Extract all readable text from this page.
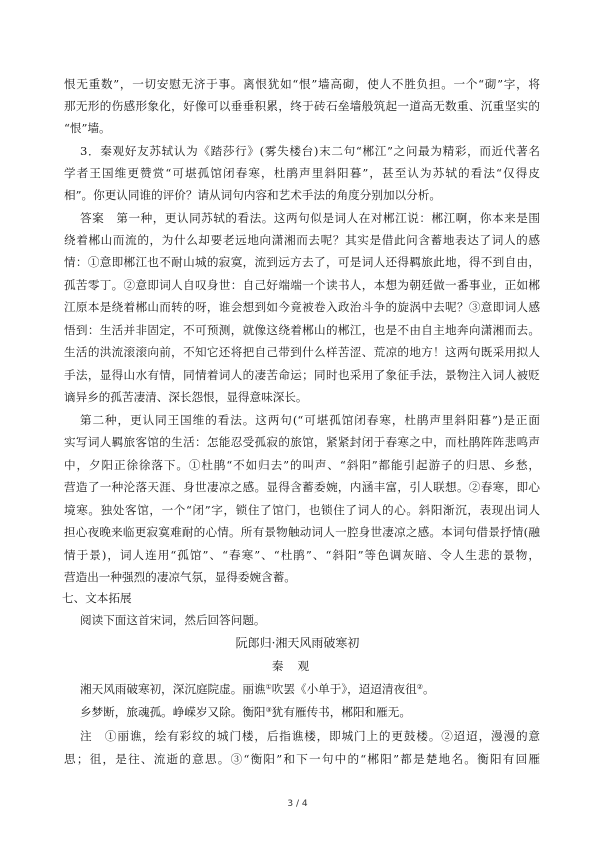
恨无重数”，一切安慰无济于事。离恨犹如“恨”墙高砌，使人不胜负担。一个“砌”字，将
那无形的伤感形象化，好像可以垂垂积累，终于砖石垒墙般筑起一道高无数重、沉重坚实的
“恨”墙。
3．秦观好友苏轼认为《踏莎行》(雾失楼台)末二句“郴江”之问最为精彩，而近代著名
学者王国维更赞赏“可堪孤馆闭春寒，杜鹃声里斜阳暮”，甚至认为苏轼的看法“仅得皮
相”。你更认同谁的评价？请从词句内容和艺术手法的角度分别加以分析。
答案　第一种，更认同苏轼的看法。这两句似是词人在对郴江说：郴江啊，你本来是围
绕着郴山而流的，为什么却要老远地向潇湘而去呢？其实是借此问含蓄地表达了词人的感
情：①意即郴江也不耐山城的寂寞，流到远方去了，可是词人还得羁旅此地，得不到自由，
孤苦零丁。②意即词人自叹身世：自己好端端一个读书人，本想为朝廷做一番事业，正如郴
江原本是绕着郴山而转的呀，谁会想到如今竟被卷入政治斗争的旋涡中去呢？③意即词人感
悟到：生活并非固定，不可预测，就像这绕着郴山的郴江，也是不由自主地奔向潇湘而去。
生活的洪流滚滚向前，不知它还将把自己带到什么样苦涩、荒凉的地方！这两句既采用拟人
手法，显得山水有情，同情着词人的凄苦命运；同时也采用了象征手法，景物注入词人被贬
谪异乡的孤苦凄清、深长怨恨，显得意味深长。
第二种，更认同王国维的看法。这两句(“可堪孤馆闭春寒，杜鹃声里斜阳暮”)是正面
实写词人羁旅客馆的生活：怎能忍受孤寂的旅馆，紧紧封闭于春寒之中，而杜鹃阵阵悲鸣声
中，夕阳正徐徐落下。①杜鹃“不如归去”的叫声、“斜阳”都能引起游子的归思、乡愁，
营造了一种沦落天涯、身世凄凉之感。显得含蓄委婉，内涵丰富，引人联想。②春寒，即心
境寒。独处客馆，一个“闭”字，锁住了馆门，也锁住了词人的心。斜阳渐沉，表现出词人
担心夜晚来临更寂寞难耐的心情。所有景物触动词人一腔身世凄凉之感。本词句借景抒情(融
情于景)，词人连用“孤馆”、“春寒”、“杜鹃”、“斜阳”等色调灰暗、令人生悲的景物，
营造出一种强烈的凄凉气氛，显得委婉含蓄。
七、文本拓展
阅读下面这首宋词，然后回答问题。
阮郎归·湘天风雨破寒初
秦观
湘天风雨破寒初，深沉庭院虚。丽谯①吹罢《小单于》，迢迢清夜徂②。
乡梦断，旅魂孤。峥嵘岁又除。衡阳③犹有雁传书，郴阳和雁无。
注　①丽谯，绘有彩纹的城门楼，后指谯楼，即城门上的更鼓楼。②迢迢，漫漫的意
思；徂，是往、流逝的意思。③“衡阳”和下一句中的“郴阳”都是楚地名。衡阳有回雁
3 / 4
